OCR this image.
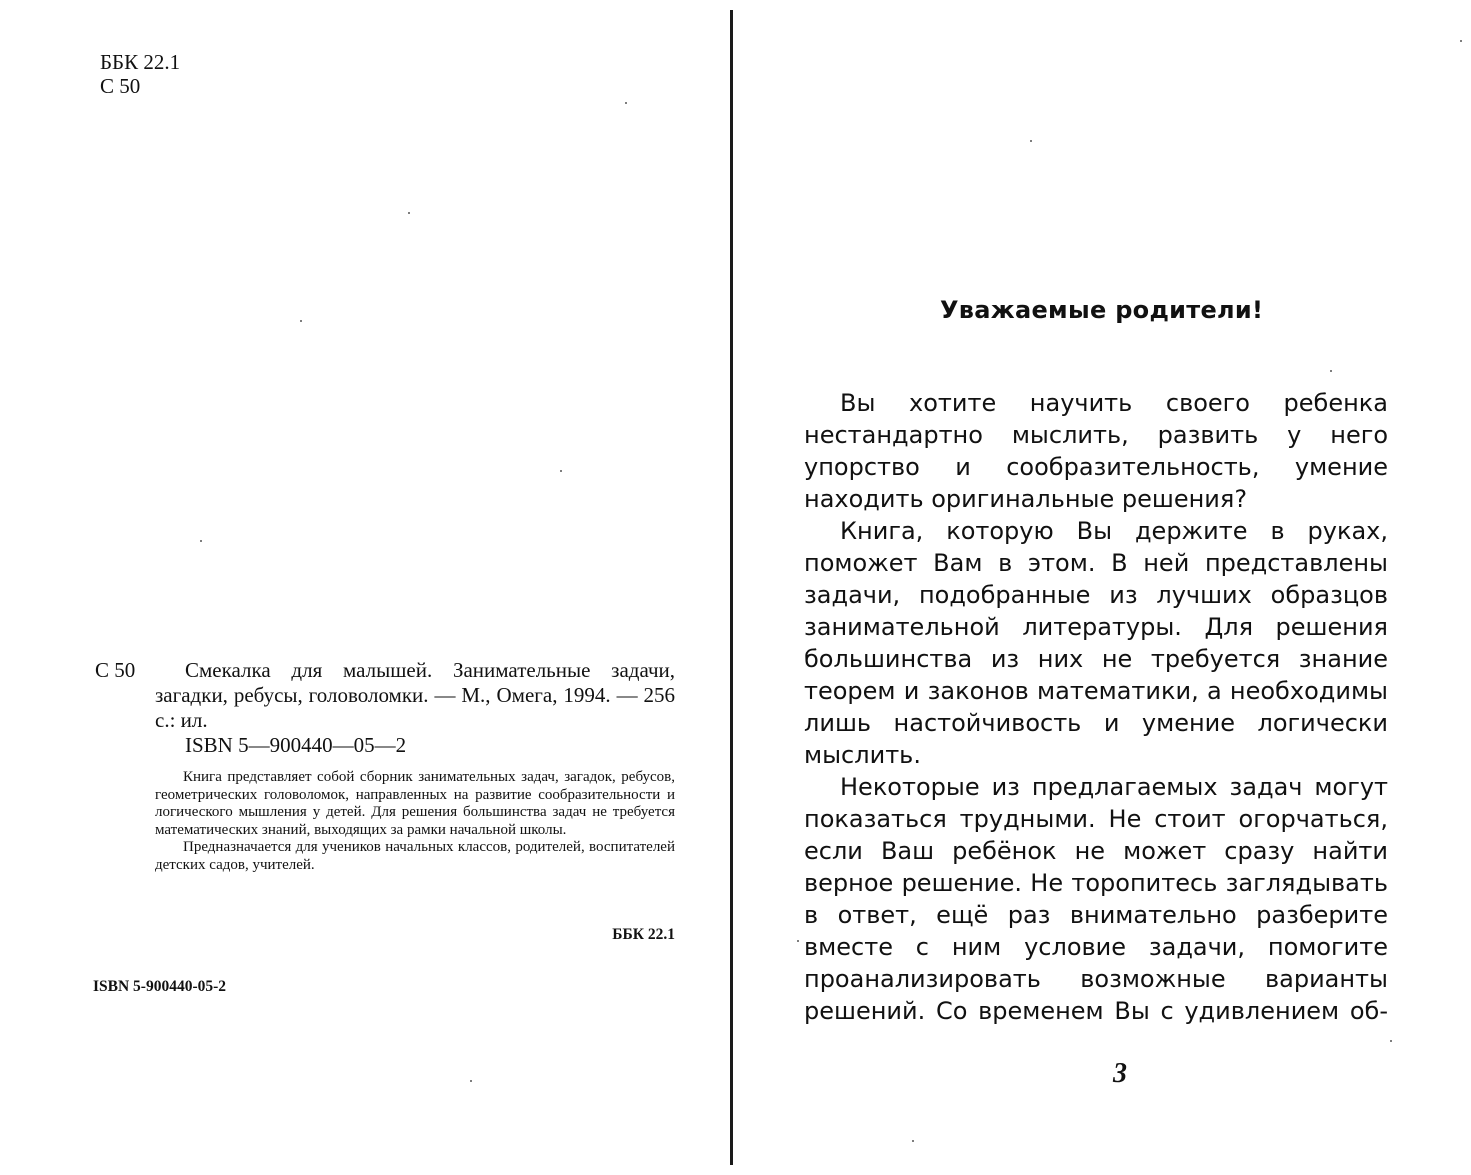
ББК 22.1
С 50
С 50	Смекалка для малышей. Занимательные задачи, загадки, ребусы, головоломки. — М., Омега, 1994. — 256 с.: ил.
ISBN 5—900440—05—2

Книга представляет собой сборник занимательных задач, загадок, ребусов, геометрических головоломок, направленных на развитие сообразительности и логического мышления у детей. Для решения большинства задач не требуется математических знаний, выходящих за рамки начальной школы.

Предназначается для учеников начальных классов, родителей, воспитателей детских садов, учителей.

ББК 22.1
ISBN 5-900440-05-2
Уважаемые родители!

Вы хотите научить своего ребенка нестандартно мыслить, развить у него упорство и сообразительность, умение находить оригинальные решения?

Книга, которую Вы держите в руках, поможет Вам в этом. В ней представлены задачи, подобранные из лучших образцов занимательной литературы. Для решения большинства из них не требуется знание теорем и законов математики, а необходимы лишь настойчивость и умение логически мыслить.

Некоторые из предлагаемых задач могут показаться трудными. Не стоит огорчаться, если Ваш ребёнок не может сразу найти верное решение. Не торопитесь заглядывать в ответ, ещё раз внимательно разберите вместе с ним условие задачи, помогите проанализировать возможные варианты решений. Со временем Вы с удивлением об-

3
